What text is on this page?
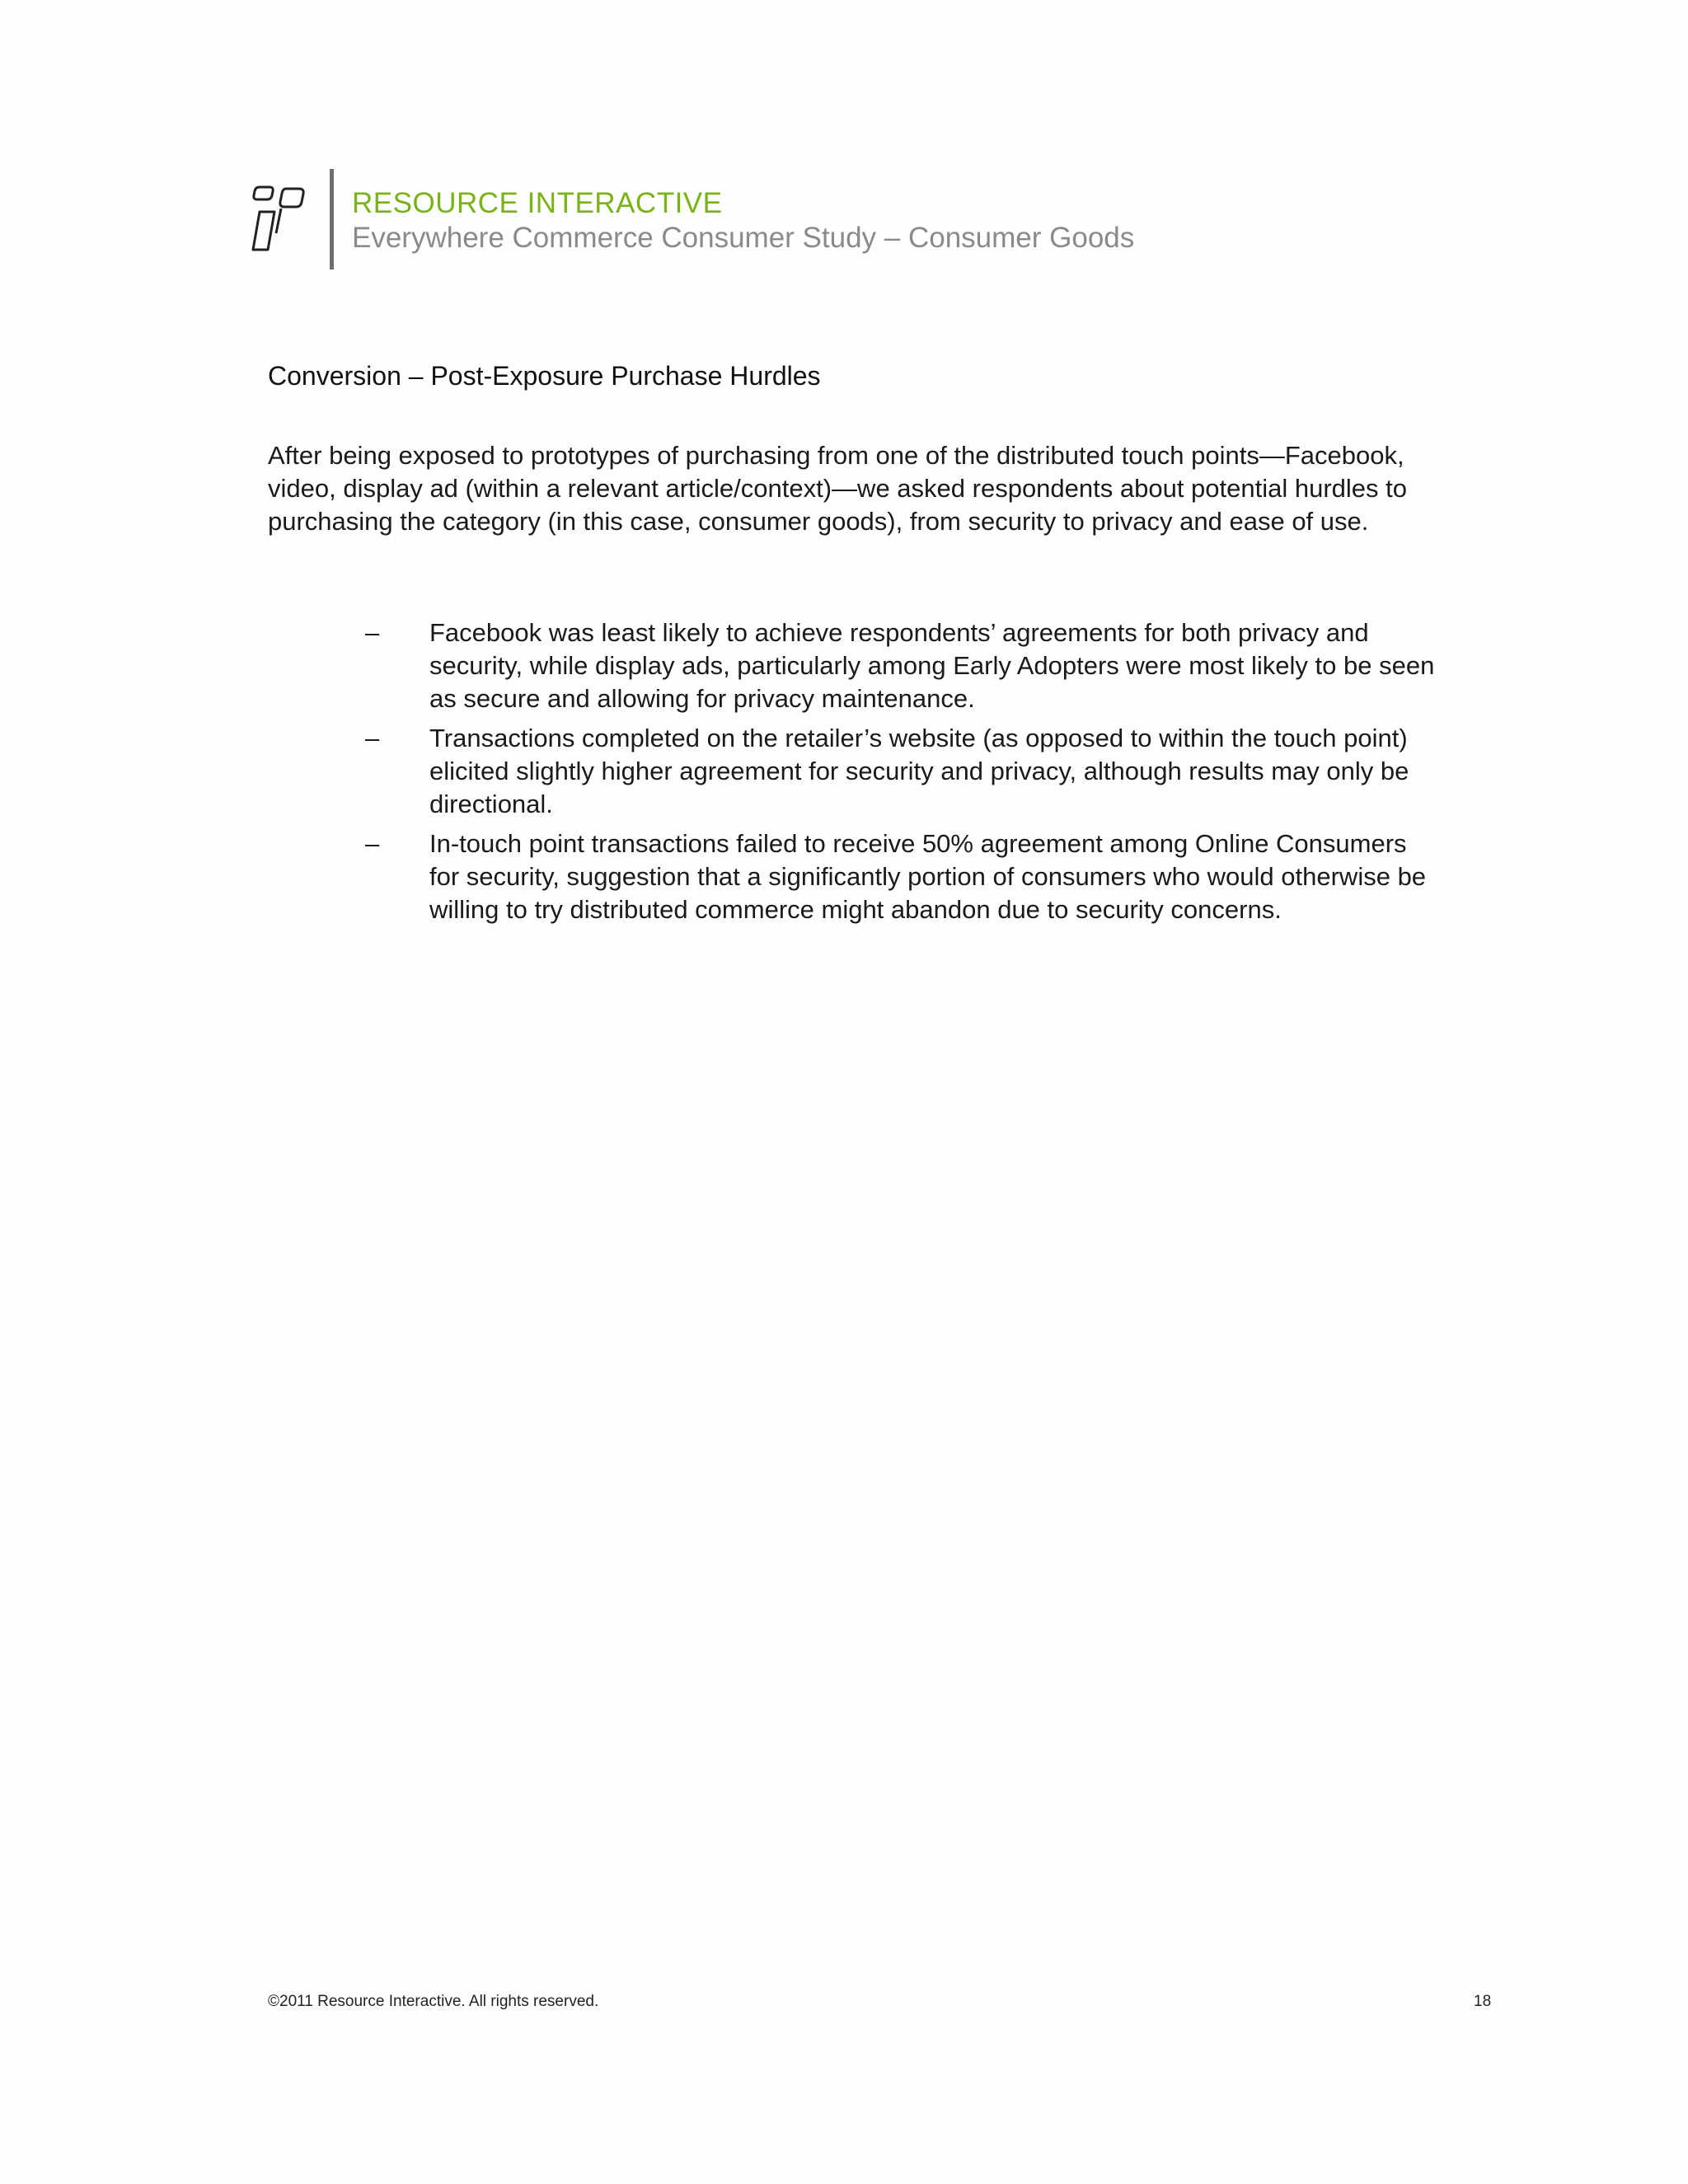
RESOURCE INTERACTIVE
Everywhere Commerce Consumer Study – Consumer Goods
Conversion – Post-Exposure Purchase Hurdles

After being exposed to prototypes of purchasing from one of the distributed touch points—Facebook, video, display ad (within a relevant article/context)—we asked respondents about potential hurdles to purchasing the category (in this case, consumer goods), from security to privacy and ease of use.

– Facebook was least likely to achieve respondents’ agreements for both privacy and security, while display ads, particularly among Early Adopters were most likely to be seen as secure and allowing for privacy maintenance.
– Transactions completed on the retailer’s website (as opposed to within the touch point) elicited slightly higher agreement for security and privacy, although results may only be directional.
– In-touch point transactions failed to receive 50% agreement among Online Consumers for security, suggestion that a significantly portion of consumers who would otherwise be willing to try distributed commerce might abandon due to security concerns.
©2011 Resource Interactive. All rights reserved.	18
